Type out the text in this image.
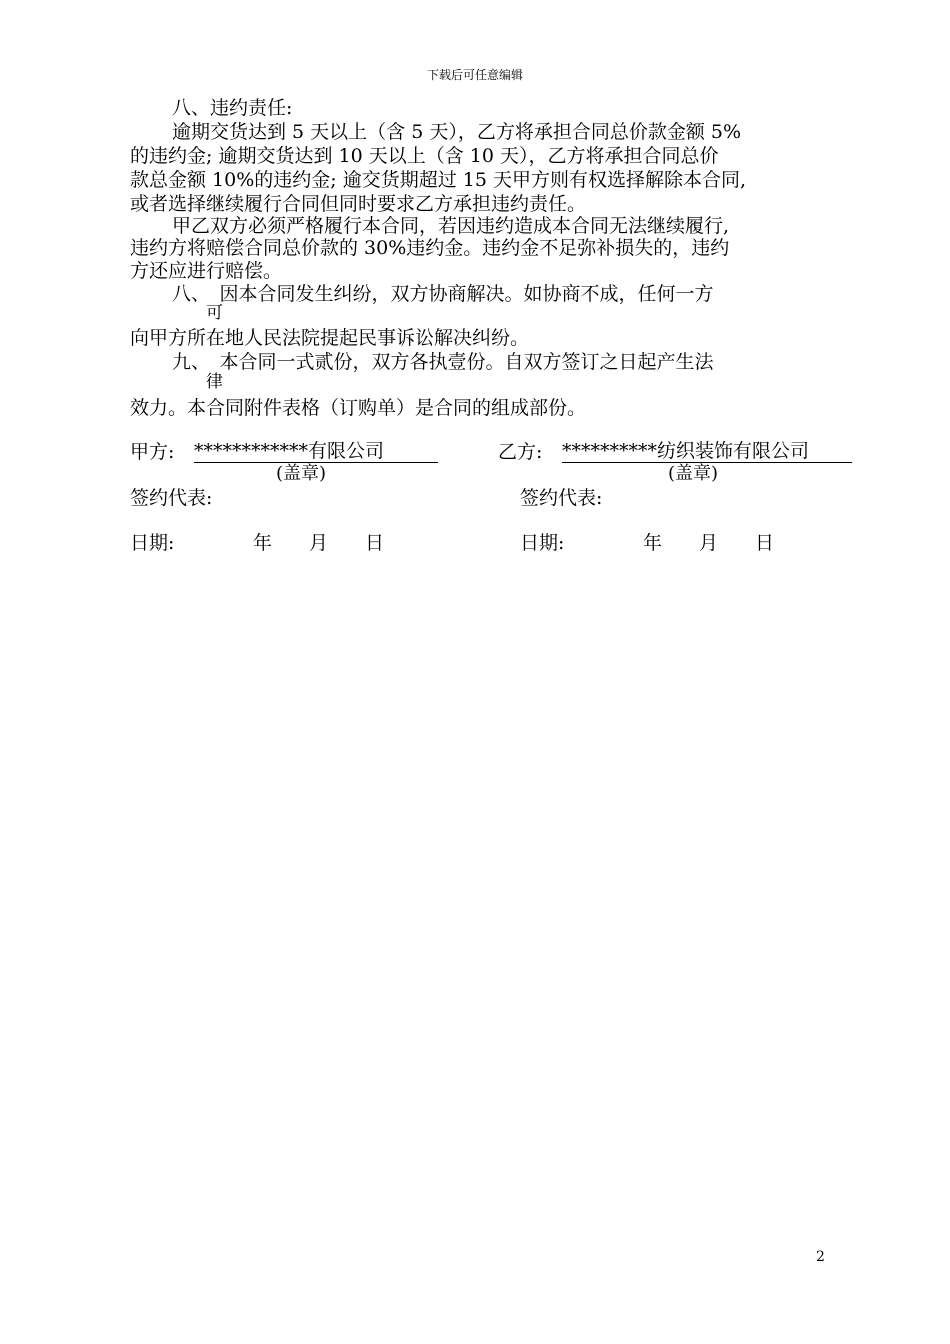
下载后可任意编辑
八、违约责任:
逾期交货达到 5 天以上（含 5 天），乙方将承担合同总价款金额 5%
的违约金; 逾期交货达到 10 天以上（含 10 天），乙方将承担合同总价
款总金额 10%的违约金; 逾交货期超过 15 天甲方则有权选择解除本合同,
或者选择继续履行合同但同时要求乙方承担违约责任。
甲乙双方必须严格履行本合同，若因违约造成本合同无法继续履行,
违约方将赔偿合同总价款的 30%违约金。违约金不足弥补损失的，违约
方还应进行赔偿。
八、　因本合同发生纠纷，双方协商解决。如协商不成，任何一方
可
向甲方所在地人民法院提起民事诉讼解决纠纷。
九、　本合同一式贰份，双方各执壹份。自双方签订之日起产生法
律
效力。本合同附件表格（订购单）是合同的组成部份。
甲方: ************有限公司
(盖章)
签约代表:
日期:	年 月 日
乙方: **********纺织装饰有限公司
(盖章)
签约代表:
日期:	年 月 日
2
